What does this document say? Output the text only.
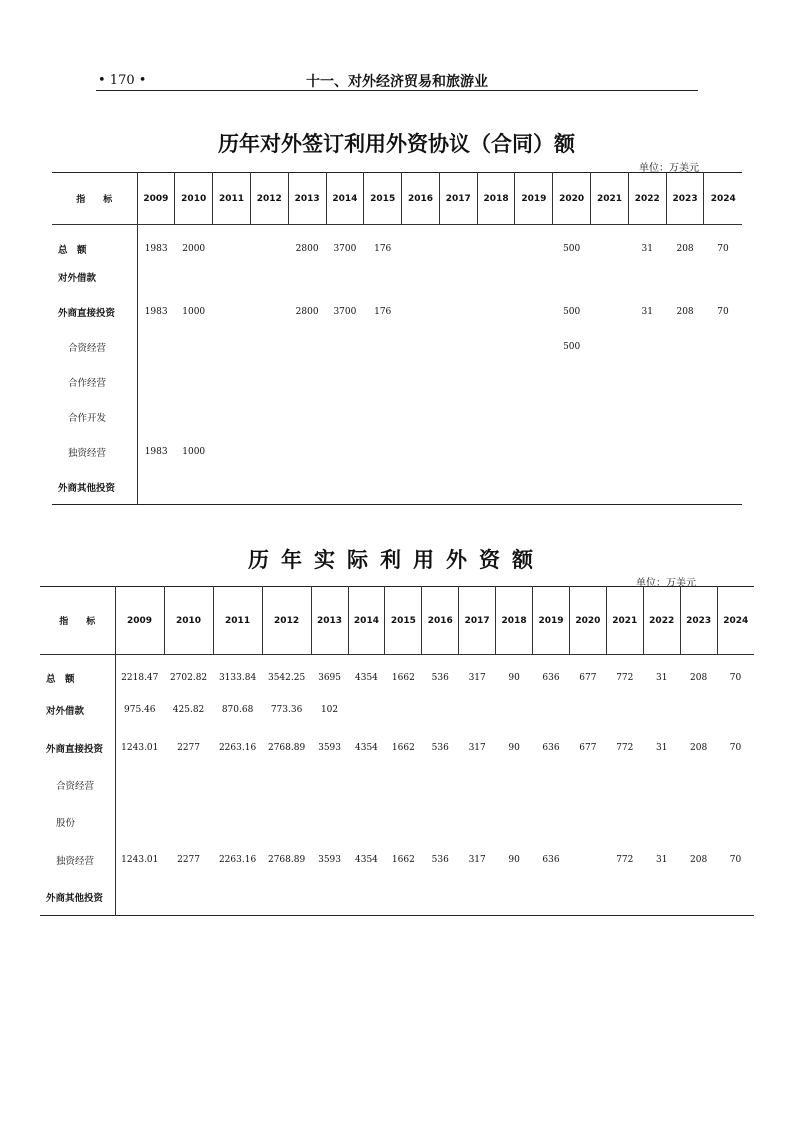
• 170 •	十一、对外经济贸易和旅游业
历年对外签订利用外资协议（合同）额
单位：万美元
指　　标	2009	2010	2011	2012	2013	2014	2015	2016	2017	2018	2019	2020	2021	2022	2023	2024
总　额	1983	2000			2800	3700	176					500		31	208	70
对外借款																
外商直接投资	1983	1000			2800	3700	176					500		31	208	70
合资经营												500				
合作经营																
合作开发																
独资经营	1983	1000														
外商其他投资																
历年实际利用外资额
单位：万美元
指　　标	2009	2010	2011	2012	2013	2014	2015	2016	2017	2018	2019	2020	2021	2022	2023	2024
总　额	2218.47	2702.82	3133.84	3542.25	3695	4354	1662	536	317	90	636	677	772	31	208	70
对外借款	975.46	425.82	870.68	773.36	102											
外商直接投资	1243.01	2277	2263.16	2768.89	3593	4354	1662	536	317	90	636	677	772	31	208	70
合资经营																
股份																
独资经营	1243.01	2277	2263.16	2768.89	3593	4354	1662	536	317	90	636		772	31	208	70
外商其他投资																
